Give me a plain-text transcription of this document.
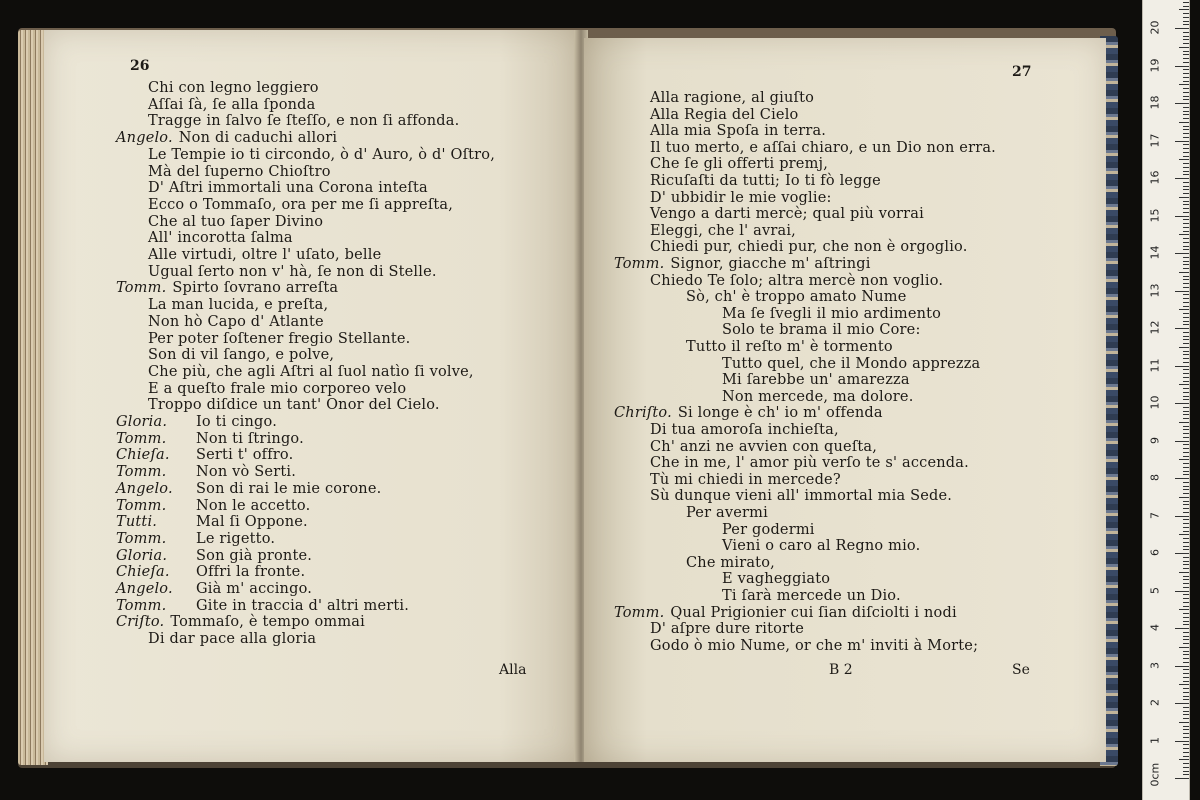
26
Chi con legno leggiero
Aſſai ſà, ſe alla ſponda
Tragge in ſalvo ſe ſteſſo, e non ſi affonda.
Angelo. Non di caduchi allori
Le Tempie io ti circondo, ò d' Auro, ò d' Oſtro,
Mà del ſuperno Chioſtro
D' Aſtri immortali una Corona inteſta
Ecco o Tommaſo, ora per me ſi appreſta,
Che al tuo ſaper Divino
All' incorotta ſalma
Alle virtudi, oltre l' uſato, belle
Ugual ſerto non v' hà, ſe non di Stelle.
Tomm. Spirto ſovrano arreſta
La man lucida, e preſta,
Non hò Capo d' Atlante
Per poter ſoſtener fregio Stellante.
Son di vil ſango, e polve,
Che più, che agli Aſtri al ſuol natìo ſi volve,
E a queſto frale mio corporeo velo
Troppo diſdice un tant' Onor del Cielo.
Gloria. Io ti cingo.
Tomm. Non ti ſtringo.
Chieſa. Serti t' offro.
Tomm. Non vò Serti.
Angelo. Son di rai le mie corone.
Tomm. Non le accetto.
Tutti.	Mal ſi Oppone.
Tomm. Le rigetto.
Gloria. Son già pronte.
Chieſa. Offri la fronte.
Angelo. Già m' accingo.
Tomm. Gite in traccia d' altri merti.
Criſto. Tommaſo, è tempo ommai
Di dar pace alla gloria
Alla
27
Alla ragione, al giuſto
Alla Regia del Cielo
Alla mia Spoſa in terra.
Il tuo merto, e aſſai chiaro, e un Dio non erra.
Che ſe gli offerti premj,
Ricuſaſti da tutti; Io ti fò legge
D' ubbidir le mie voglie:
Vengo a darti mercè; qual più vorrai
Eleggi, che l' avrai,
Chiedi pur, chiedi pur, che non è orgoglio.
Tomm. Signor, giacche m' aſtringi
Chiedo Te ſolo; altra mercè non voglio.
Sò, ch' è troppo amato Nume
Ma ſe ſvegli il mio ardimento
Solo te brama il mio Core:
Tutto il reſto m' è tormento
Tutto quel, che il Mondo apprezza
Mi ſarebbe un' amarezza
Non mercede, ma dolore.
Chriſto. Si longe è ch' io m' offenda
Di tua amoroſa inchieſta,
Ch' anzi ne avvien con queſta,
Che in me, l' amor più verſo te s' accenda.
Tù mi chiedi in mercede?
Sù dunque vieni all' immortal mia Sede.
Per avermi
Per godermi
Vieni o caro al Regno mio.
Che mirato,
E vagheggiato
Ti ſarà mercede un Dio.
Tomm. Qual Prigionier cui ſian diſciolti i nodi
D' aſpre dure ritorte
Godo ò mio Nume, or che m' inviti à Morte;
B 2	Se
0cm
1
2
3
4
5
6
7
8
9
10
11
12
13
14
15
16
17
18
19
20
